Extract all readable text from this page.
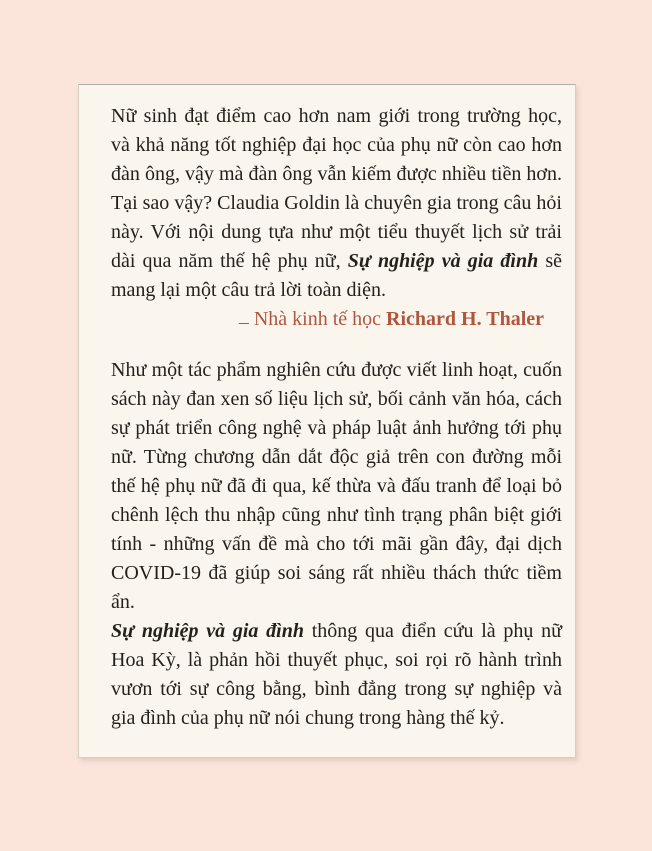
Nữ sinh đạt điểm cao hơn nam giới trong trường học, và khả năng tốt nghiệp đại học của phụ nữ còn cao hơn đàn ông, vậy mà đàn ông vẫn kiếm được nhiều tiền hơn. Tại sao vậy? Claudia Goldin là chuyên gia trong câu hỏi này. Với nội dung tựa như một tiểu thuyết lịch sử trải dài qua năm thế hệ phụ nữ, Sự nghiệp và gia đình sẽ mang lại một câu trả lời toàn diện.

– Nhà kinh tế học Richard H. Thaler

Như một tác phẩm nghiên cứu được viết linh hoạt, cuốn sách này đan xen số liệu lịch sử, bối cảnh văn hóa, cách sự phát triển công nghệ và pháp luật ảnh hưởng tới phụ nữ. Từng chương dẫn dắt độc giả trên con đường mỗi thế hệ phụ nữ đã đi qua, kế thừa và đấu tranh để loại bỏ chênh lệch thu nhập cũng như tình trạng phân biệt giới tính - những vấn đề mà cho tới mãi gần đây, đại dịch COVID-19 đã giúp soi sáng rất nhiều thách thức tiềm ẩn.

Sự nghiệp và gia đình thông qua điển cứu là phụ nữ Hoa Kỳ, là phản hồi thuyết phục, soi rọi rõ hành trình vươn tới sự công bằng, bình đẳng trong sự nghiệp và gia đình của phụ nữ nói chung trong hàng thế kỷ.
